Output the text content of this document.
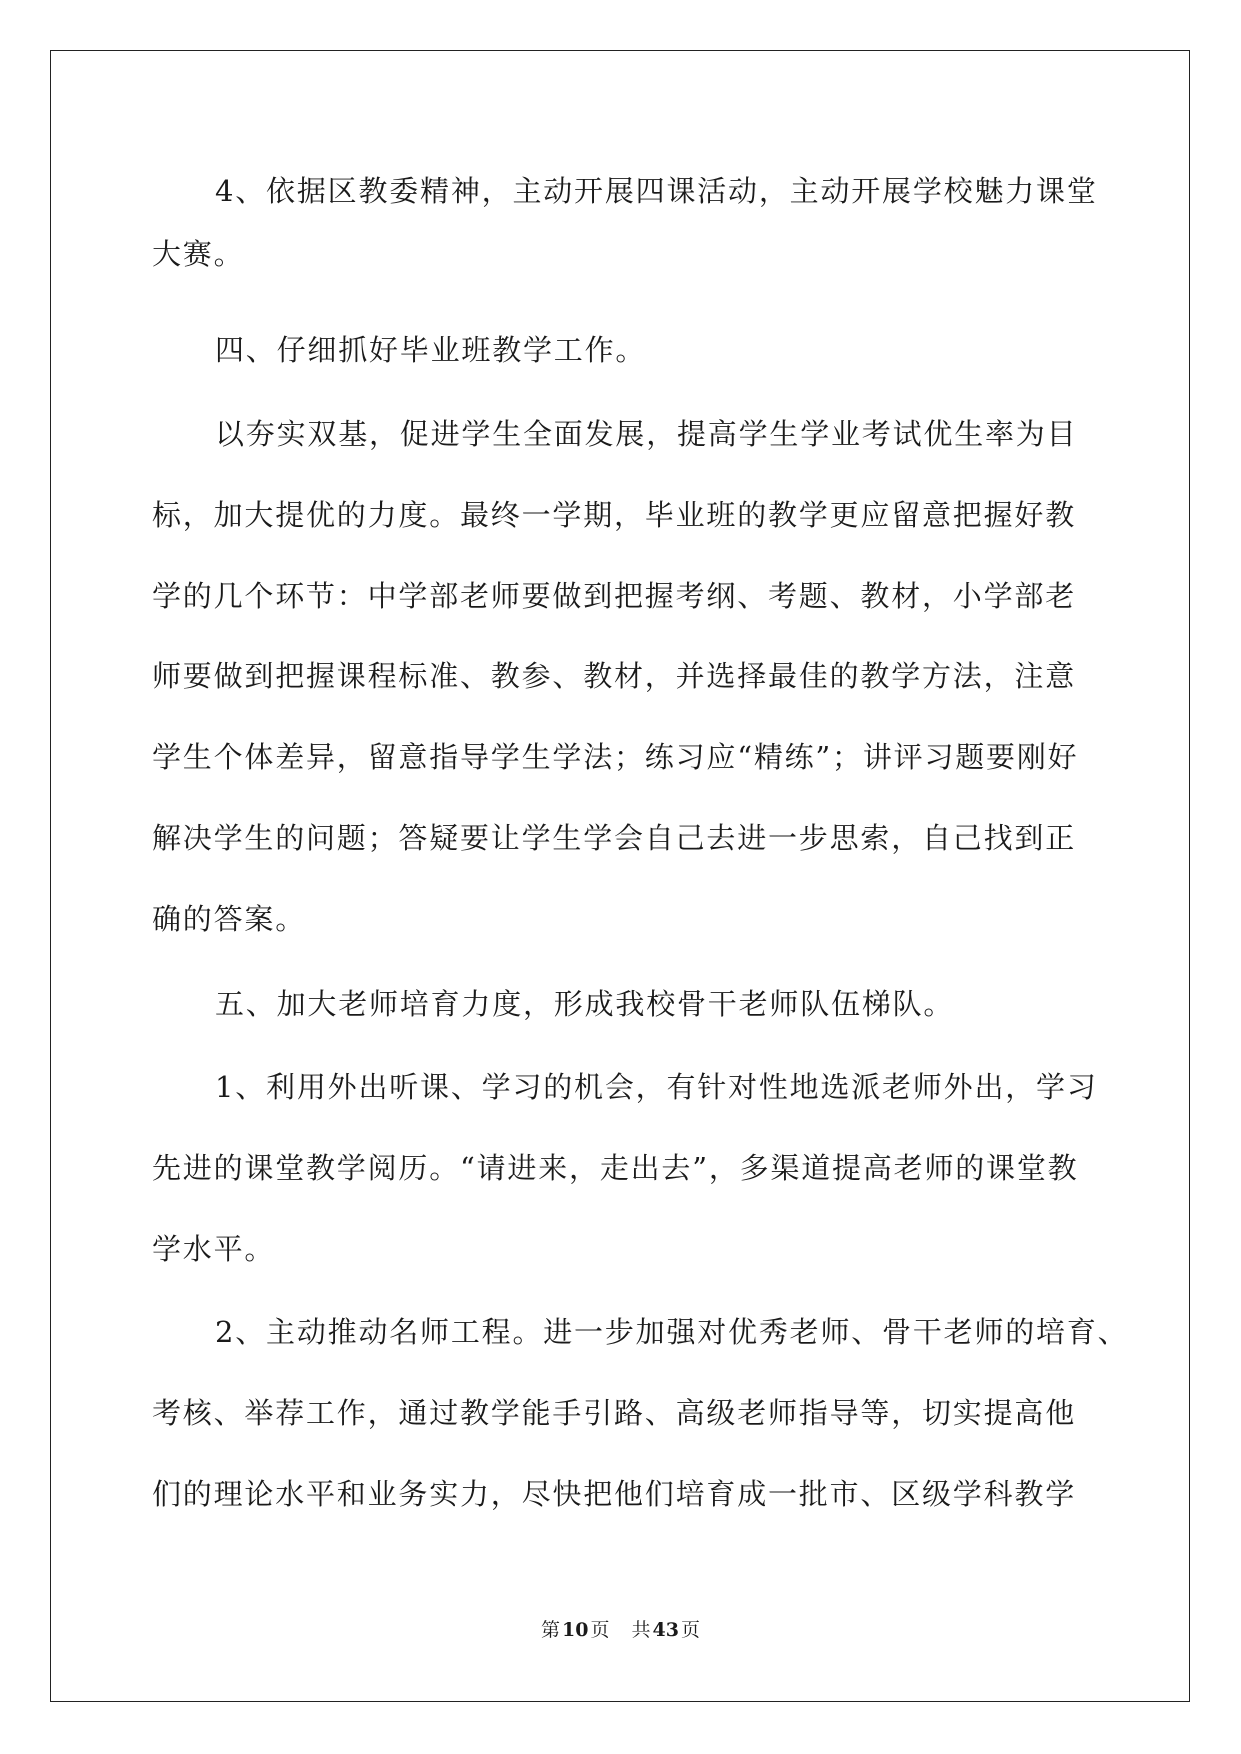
4、依据区教委精神，主动开展四课活动，主动开展学校魅力课堂

大赛。

四、仔细抓好毕业班教学工作。

以夯实双基，促进学生全面发展，提高学生学业考试优生率为目

标，加大提优的力度。最终一学期，毕业班的教学更应留意把握好教

学的几个环节：中学部老师要做到把握考纲、考题、教材，小学部老

师要做到把握课程标准、教参、教材，并选择最佳的教学方法，注意

学生个体差异，留意指导学生学法；练习应“精练”；讲评习题要刚好

解决学生的问题；答疑要让学生学会自己去进一步思索，自己找到正

确的答案。

五、加大老师培育力度，形成我校骨干老师队伍梯队。

1、利用外出听课、学习的机会，有针对性地选派老师外出，学习

先进的课堂教学阅历。“请进来，走出去”，多渠道提高老师的课堂教

学水平。

2、主动推动名师工程。进一步加强对优秀老师、骨干老师的培育、

考核、举荐工作，通过教学能手引路、高级老师指导等，切实提高他

们的理论水平和业务实力，尽快把他们培育成一批市、区级学科教学

第 10 页 共 43 页
